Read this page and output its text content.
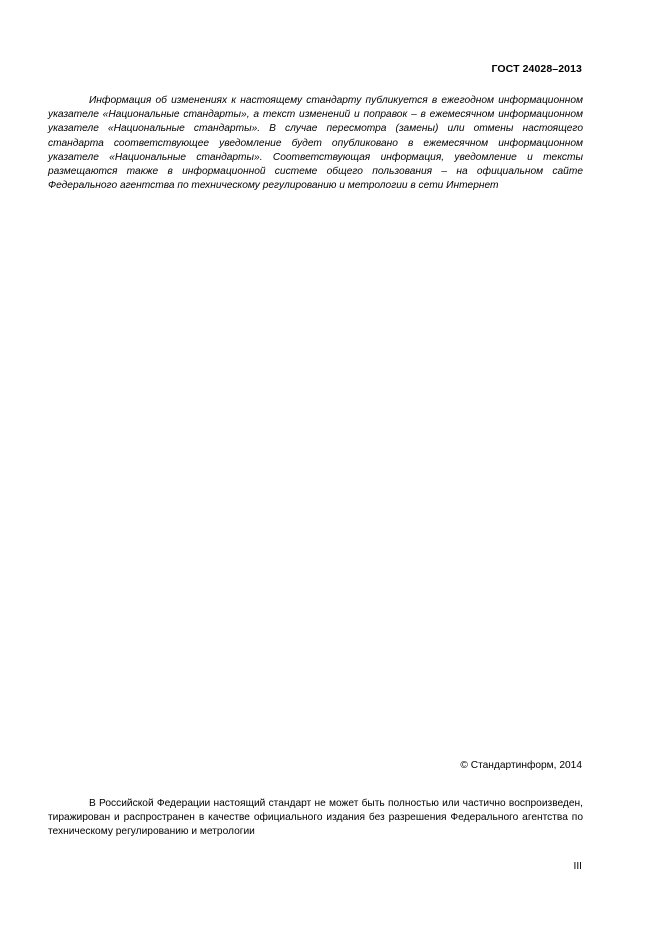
ГОСТ 24028–2013

Информация об изменениях к настоящему стандарту публикуется в ежегодном информационном указателе «Национальные стандарты», а текст изменений и поправок – в ежемесячном информационном указателе «Национальные стандарты». В случае пересмотра (замены) или отмены настоящего стандарта соответствующее уведомление будет опубликовано в ежемесячном информационном указателе «Национальные стандарты». Соответствующая информация, уведомление и тексты размещаются также в информационной системе общего пользования – на официальном сайте Федерального агентства по техническому регулированию и метрологии в сети Интернет

© Стандартинформ, 2014

В Российской Федерации настоящий стандарт не может быть полностью или частично воспроизведен, тиражирован и распространен в качестве официального издания без разрешения Федерального агентства по техническому регулированию и метрологии

III
